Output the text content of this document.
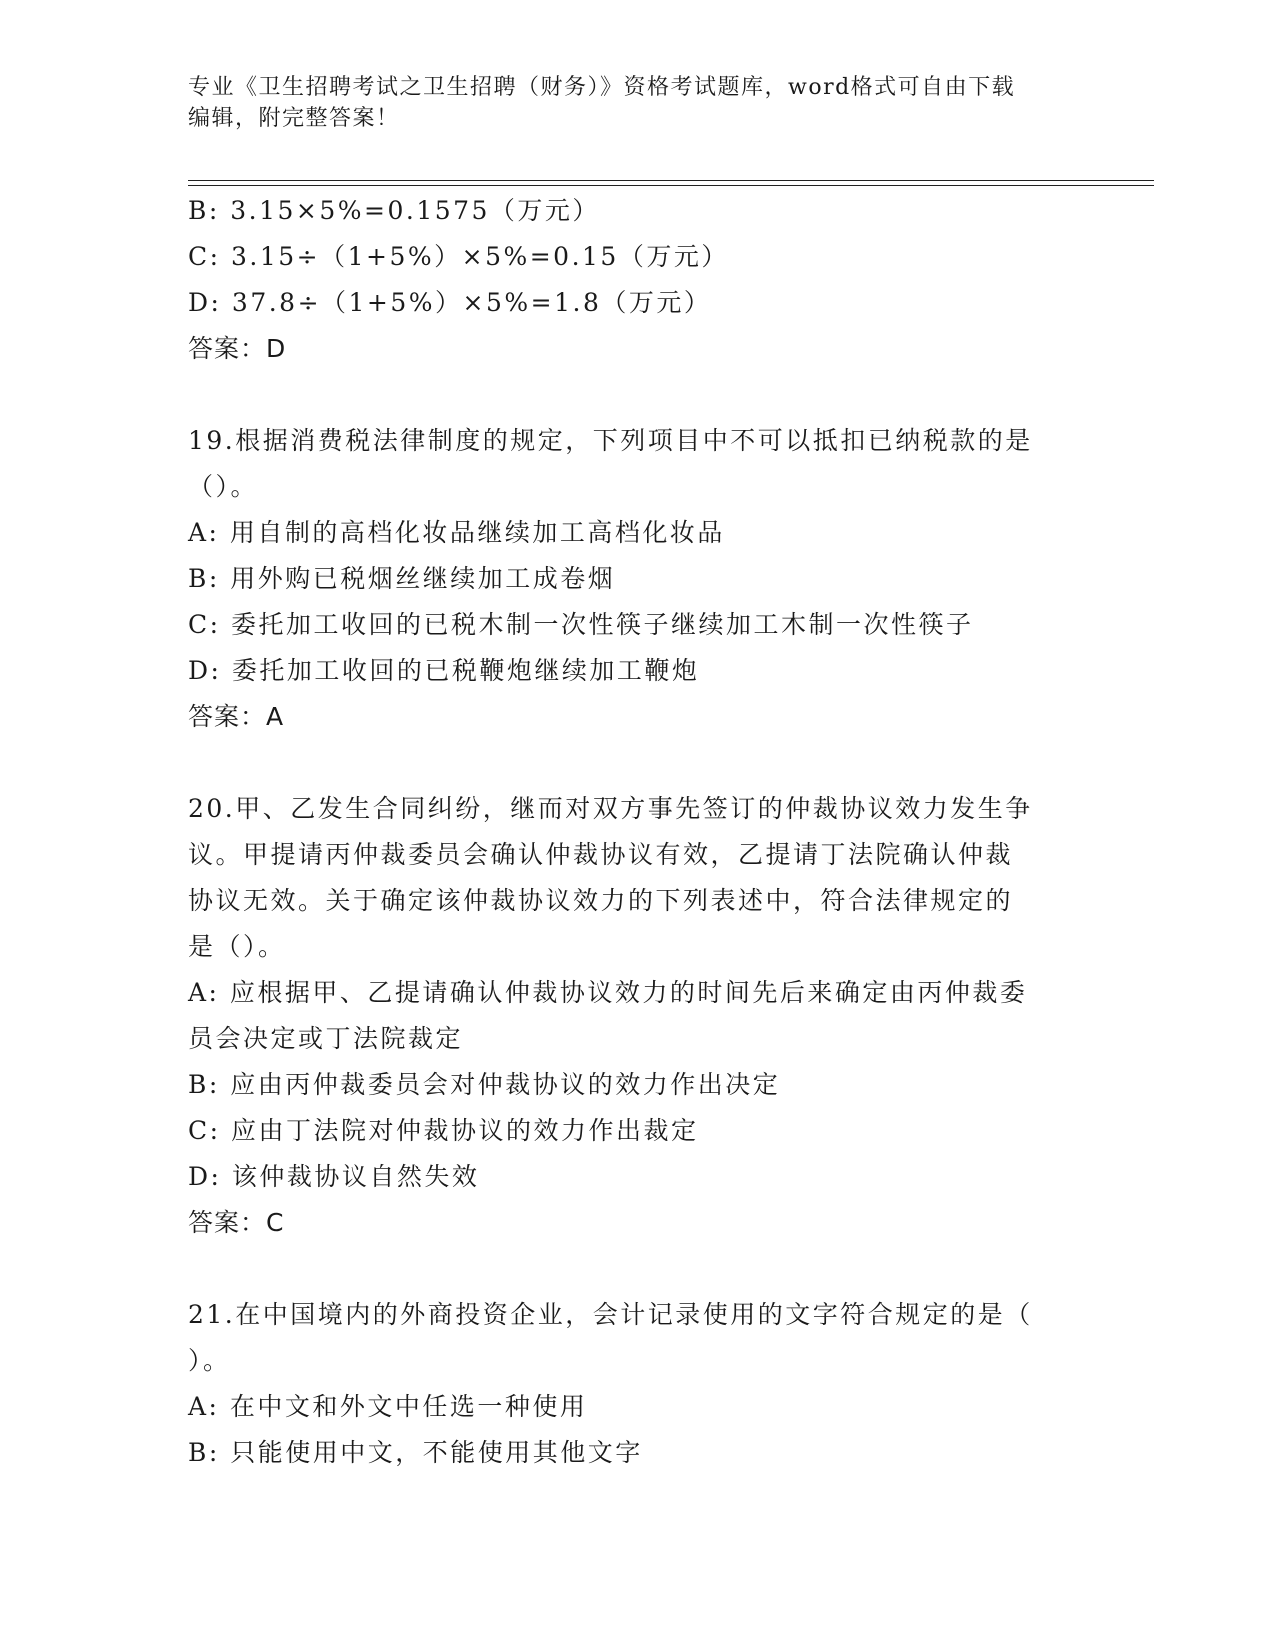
专业《卫生招聘考试之卫生招聘（财务）》资格考试题库，word格式可自由下载
编辑，附完整答案！
B: 3.15×5%=0.1575（万元）
C: 3.15÷（1+5%）×5%=0.15（万元）
D: 37.8÷（1+5%）×5%=1.8（万元）
答案：D
19.根据消费税法律制度的规定，下列项目中不可以抵扣已纳税款的是
（）。
A: 用自制的高档化妆品继续加工高档化妆品
B: 用外购已税烟丝继续加工成卷烟
C: 委托加工收回的已税木制一次性筷子继续加工木制一次性筷子
D: 委托加工收回的已税鞭炮继续加工鞭炮
答案：A
20.甲、乙发生合同纠纷，继而对双方事先签订的仲裁协议效力发生争
议。甲提请丙仲裁委员会确认仲裁协议有效，乙提请丁法院确认仲裁
协议无效。关于确定该仲裁协议效力的下列表述中，符合法律规定的
是（）。
A: 应根据甲、乙提请确认仲裁协议效力的时间先后来确定由丙仲裁委
员会决定或丁法院裁定
B: 应由丙仲裁委员会对仲裁协议的效力作出决定
C: 应由丁法院对仲裁协议的效力作出裁定
D: 该仲裁协议自然失效
答案：C
21.在中国境内的外商投资企业，会计记录使用的文字符合规定的是（
）。
A: 在中文和外文中任选一种使用
B: 只能使用中文，不能使用其他文字
